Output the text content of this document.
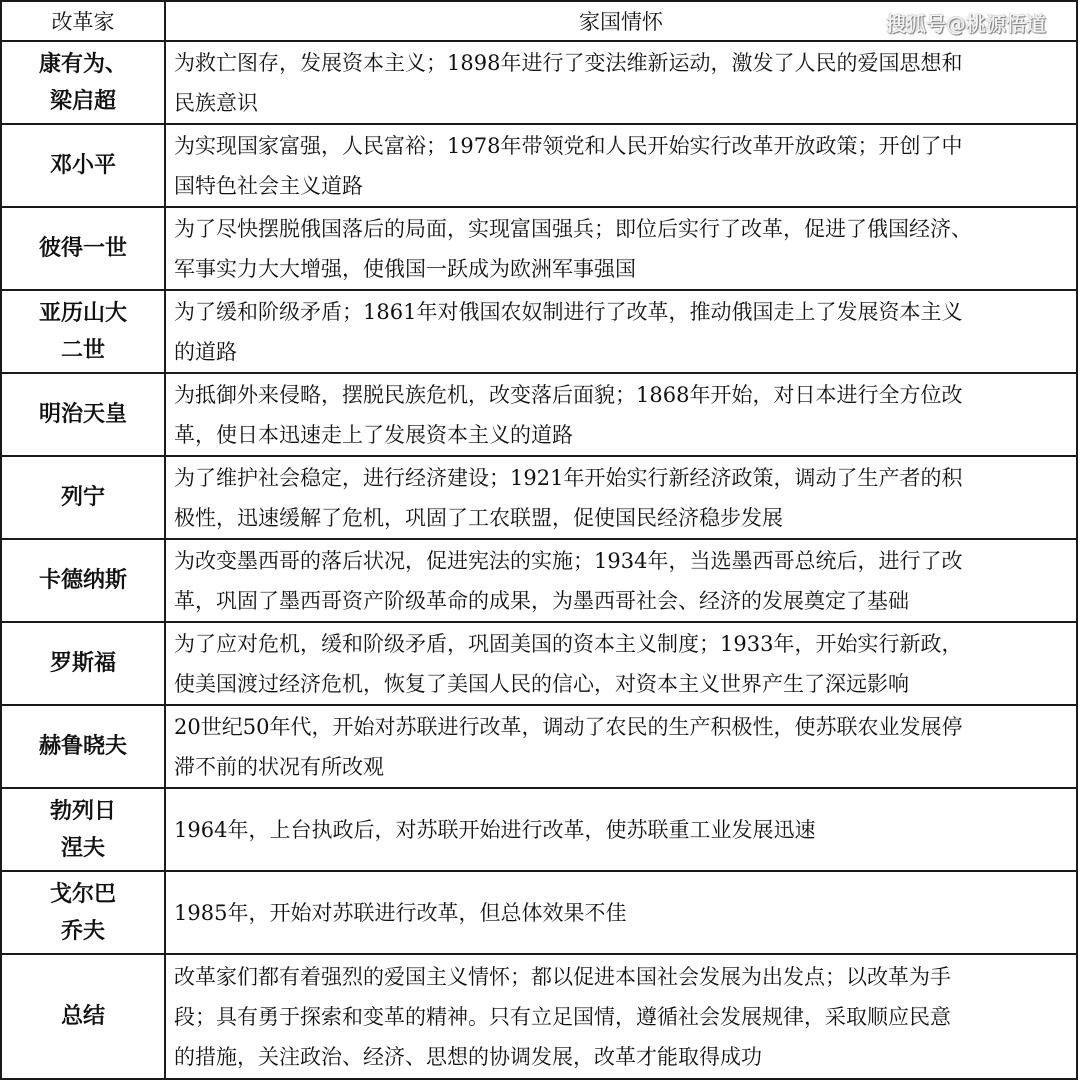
改革家	家国情怀
康有为、
梁启超	为救亡图存，发展资本主义；1898年进行了变法维新运动，激发了人民的爱国思想和
民族意识
邓小平	为实现国家富强，人民富裕；1978年带领党和人民开始实行改革开放政策；开创了中
国特色社会主义道路
彼得一世	为了尽快摆脱俄国落后的局面，实现富国强兵；即位后实行了改革，促进了俄国经济、
军事实力大大增强，使俄国一跃成为欧洲军事强国
亚历山大
二世	为了缓和阶级矛盾；1861年对俄国农奴制进行了改革，推动俄国走上了发展资本主义
的道路
明治天皇	为抵御外来侵略，摆脱民族危机，改变落后面貌；1868年开始，对日本进行全方位改
革，使日本迅速走上了发展资本主义的道路
列宁	为了维护社会稳定，进行经济建设；1921年开始实行新经济政策，调动了生产者的积
极性，迅速缓解了危机，巩固了工农联盟，促使国民经济稳步发展
卡德纳斯	为改变墨西哥的落后状况，促进宪法的实施；1934年，当选墨西哥总统后，进行了改
革，巩固了墨西哥资产阶级革命的成果，为墨西哥社会、经济的发展奠定了基础
罗斯福	为了应对危机，缓和阶级矛盾，巩固美国的资本主义制度；1933年，开始实行新政，
使美国渡过经济危机，恢复了美国人民的信心，对资本主义世界产生了深远影响
赫鲁晓夫	20世纪50年代，开始对苏联进行改革，调动了农民的生产积极性，使苏联农业发展停
滞不前的状况有所改观
勃列日
涅夫	1964年，上台执政后，对苏联开始进行改革，使苏联重工业发展迅速
戈尔巴
乔夫	1985年，开始对苏联进行改革，但总体效果不佳
总结	改革家们都有着强烈的爱国主义情怀；都以促进本国社会发展为出发点；以改革为手
段；具有勇于探索和变革的精神。只有立足国情，遵循社会发展规律，采取顺应民意
的措施，关注政治、经济、思想的协调发展，改革才能取得成功
搜狐号@桃源悟道
